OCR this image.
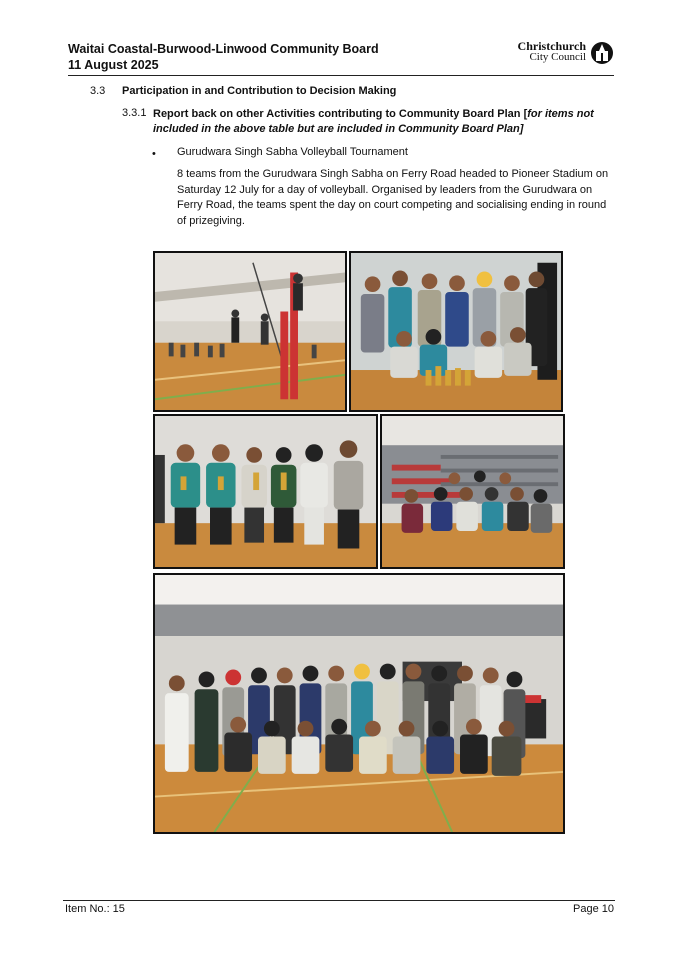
Waitai Coastal-Burwood-Linwood Community Board
11 August 2025
Christchurch
City Council
3.3 Participation in and Contribution to Decision Making
3.3.1 Report back on other Activities contributing to Community Board Plan [for items not included in the above table but are included in Community Board Plan]
• Gurudwara Singh Sabha Volleyball Tournament
8 teams from the Gurudwara Singh Sabha on Ferry Road headed to Pioneer Stadium on Saturday 12 July for a day of volleyball. Organised by leaders from the Gurudwara on Ferry Road, the teams spent the day on court competing and socialising ending in round of prizegiving.
Item No.: 15	Page 10
